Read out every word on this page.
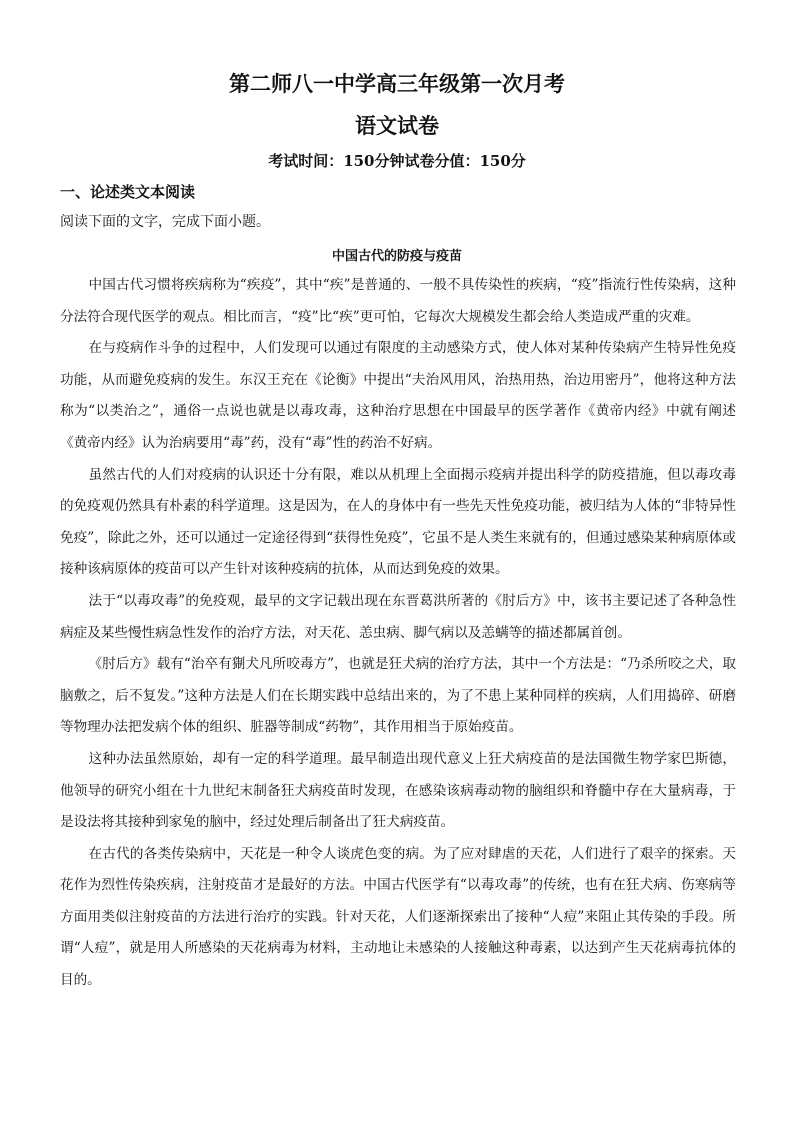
第二师八一中学高三年级第一次月考
语文试卷
考试时间：150分钟试卷分值：150分
一、论述类文本阅读
阅读下面的文字，完成下面小题。
中国古代的防疫与疫苗

中国古代习惯将疾病称为“疾疫”，其中“疾”是普通的、一般不具传染性的疾病，“疫”指流行性传染病，这种分法符合现代医学的观点。相比而言，“疫”比“疾”更可怕，它每次大规模发生都会给人类造成严重的灾难。

在与疫病作斗争的过程中，人们发现可以通过有限度的主动感染方式，使人体对某种传染病产生特异性免疫功能，从而避免疫病的发生。东汉王充在《论衡》中提出“夫治风用风，治热用热，治边用密丹”，他将这种方法称为“以类治之”，通俗一点说也就是以毒攻毒，这种治疗思想在中国最早的医学著作《黄帝内经》中就有阐述《黄帝内经》认为治病要用“毒”药，没有“毒”性的药治不好病。

虽然古代的人们对疫病的认识还十分有限，难以从机理上全面揭示疫病并提出科学的防疫措施，但以毒攻毒的免疫观仍然具有朴素的科学道理。这是因为，在人的身体中有一些先天性免疫功能，被归结为人体的“非特异性免疫”，除此之外，还可以通过一定途径得到“获得性免疫”，它虽不是人类生来就有的，但通过感染某种病原体或接种该病原体的疫苗可以产生针对该种疫病的抗体，从而达到免疫的效果。

法于“以毒攻毒”的免疫观，最早的文字记载出现在东晋葛洪所著的《肘后方》中，该书主要记述了各种急性病症及某些慢性病急性发作的治疗方法，对天花、恙虫病、脚气病以及恙螨等的描述都属首创。

《肘后方》载有“治卒有猘犬凡所咬毒方”，也就是狂犬病的治疗方法，其中一个方法是：“乃杀所咬之犬，取脑敷之，后不复发。”这种方法是人们在长期实践中总结出来的，为了不患上某种同样的疾病，人们用捣碎、研磨等物理办法把发病个体的组织、脏器等制成“药物”，其作用相当于原始疫苗。

这种办法虽然原始，却有一定的科学道理。最早制造出现代意义上狂犬病疫苗的是法国微生物学家巴斯德，他领导的研究小组在十九世纪末制备狂犬病疫苗时发现，在感染该病毒动物的脑组织和脊髓中存在大量病毒，于是设法将其接种到家兔的脑中，经过处理后制备出了狂犬病疫苗。

在古代的各类传染病中，天花是一种令人谈虎色变的病。为了应对肆虐的天花，人们进行了艰辛的探索。天花作为烈性传染疾病，注射疫苗才是最好的方法。中国古代医学有“以毒攻毒”的传统，也有在狂犬病、伤寒病等方面用类似注射疫苗的方法进行治疗的实践。针对天花，人们逐渐探索出了接种“人痘”来阻止其传染的手段。所谓“人痘”，就是用人所感染的天花病毒为材料，主动地让未感染的人接触这种毒素，以达到产生天花病毒抗体的目的。
